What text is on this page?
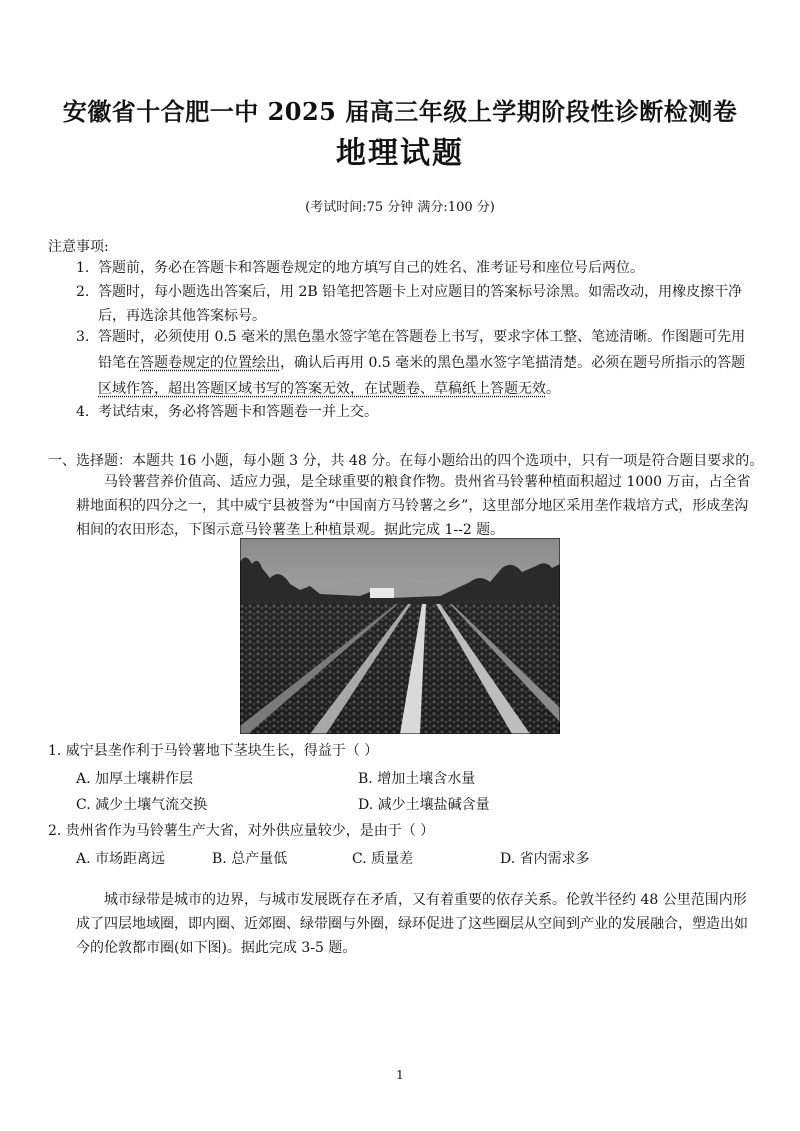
安徽省十合肥一中 2025 届高三年级上学期阶段性诊断检测卷
地理试题
(考试时间:75 分钟 满分:100 分)
注意事项:
1. 答题前，务必在答题卡和答题卷规定的地方填写自己的姓名、准考证号和座位号后两位。
2. 答题时，每小题选出答案后，用 2B 铅笔把答题卡上对应题目的答案标号涂黑。如需改动，用橡皮擦干净后，再选涂其他答案标号。
3. 答题时，必须使用 0.5 毫米的黑色墨水签字笔在答题卷上书写，要求字体工整、笔迹清晰。作图题可先用铅笔在答题卷规定的位置绘出，确认后再用 0.5 毫米的黑色墨水签字笔描清楚。必须在题号所指示的答题区域作答，超出答题区域书写的答案无效，在试题卷、草稿纸上答题无效。
4. 考试结束，务必将答题卡和答题卷一并上交。
一、选择题：本题共 16 小题，每小题 3 分，共 48 分。在每小题给出的四个选项中，只有一项是符合题目要求的。
马铃薯营养价值高、适应力强，是全球重要的粮食作物。贵州省马铃薯种植面积超过 1000 万亩，占全省耕地面积的四分之一，其中威宁县被誉为“中国南方马铃薯之乡”，这里部分地区采用垄作栽培方式，形成垄沟相间的农田形态，下图示意马铃薯垄上种植景观。据此完成 1--2 题。
1. 威宁县垄作利于马铃薯地下茎块生长，得益于（ ）
A. 加厚土壤耕作层	B. 增加土壤含水量
C. 减少土壤气流交换	D. 减少土壤盐碱含量
2. 贵州省作为马铃薯生产大省，对外供应量较少，是由于（ ）
A. 市场距离远	B. 总产量低	C. 质量差	D. 省内需求多
城市绿带是城市的边界，与城市发展既存在矛盾，又有着重要的依存关系。伦敦半径约 48 公里范围内形成了四层地域圈，即内圈、近郊圈、绿带圈与外圈，绿环促进了这些圈层从空间到产业的发展融合，塑造出如今的伦敦都市圈(如下图)。据此完成 3-5 题。
1
